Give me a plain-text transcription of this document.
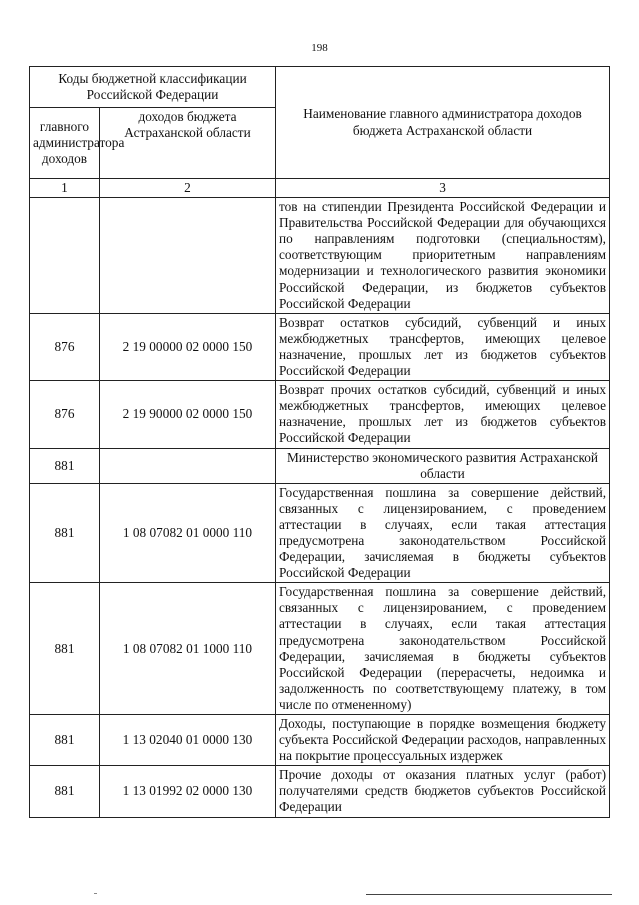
198
Коды бюджетной классификации Российской Федерации		Наименование главного администратора доходов бюджета Астраханской области
главного администратора доходов	доходов бюджета Астраханской области	
1	2	3
		тов на стипендии Президента Российской Федерации и Правительства Российской Федерации для обучающихся по направлениям подготовки (специальностям), соответствующим приоритетным направлениям модернизации и технологического развития экономики Российской Федерации, из бюджетов субъектов Российской Федерации
876	2 19 00000 02 0000 150	Возврат остатков субсидий, субвенций и иных межбюджетных трансфертов, имеющих целевое назначение, прошлых лет из бюджетов субъектов Российской Федерации
876	2 19 90000 02 0000 150	Возврат прочих остатков субсидий, субвенций и иных межбюджетных трансфертов, имеющих целевое назначение, прошлых лет из бюджетов субъектов Российской Федерации
881		Министерство экономического развития Астраханской области
881	1 08 07082 01 0000 110	Государственная пошлина за совершение действий, связанных с лицензированием, с проведением аттестации в случаях, если такая аттестация предусмотрена законодательством Российской Федерации, зачисляемая в бюджеты субъектов Российской Федерации
881	1 08 07082 01 1000 110	Государственная пошлина за совершение действий, связанных с лицензированием, с проведением аттестации в случаях, если такая аттестация предусмотрена законодательством Российской Федерации, зачисляемая в бюджеты субъектов Российской Федерации (перерасчеты, недоимка и задолженность по соответствующему платежу, в том числе по отмененному)
881	1 13 02040 01 0000 130	Доходы, поступающие в порядке возмещения бюджету субъекта Российской Федерации расходов, направленных на покрытие процессуальных издержек
881	1 13 01992 02 0000 130	Прочие доходы от оказания платных услуг (работ) получателями средств бюджетов субъектов Российской Федерации
